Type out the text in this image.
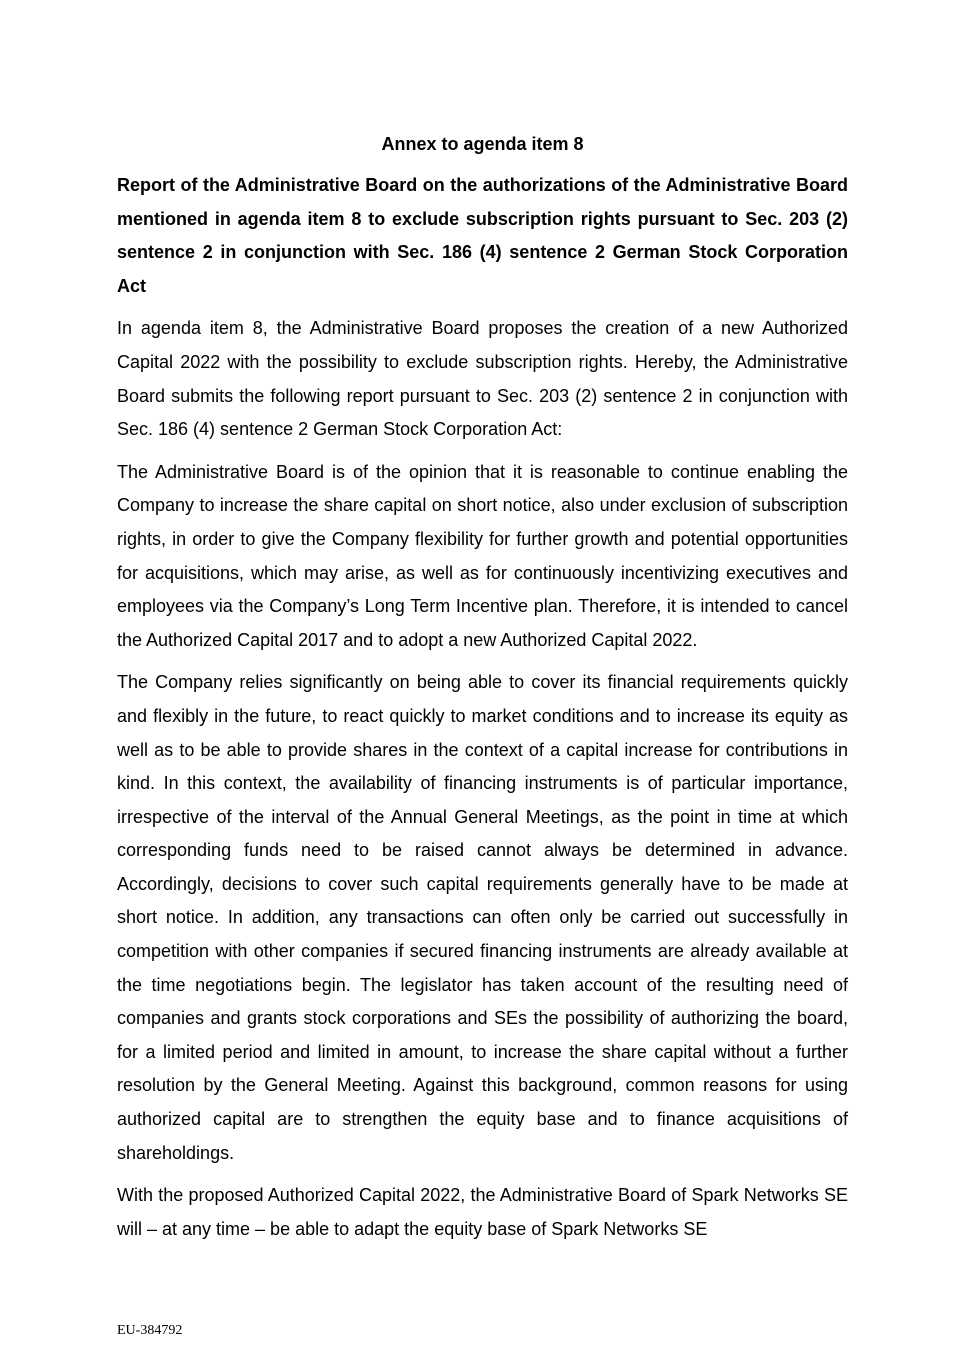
Annex to agenda item 8
Report of the Administrative Board on the authorizations of the Administrative Board mentioned in agenda item 8 to exclude subscription rights pursuant to Sec. 203 (2) sentence 2 in conjunction with Sec. 186 (4) sentence 2 German Stock Corporation Act

In agenda item 8, the Administrative Board proposes the creation of a new Authorized Capital 2022 with the possibility to exclude subscription rights. Hereby, the Administrative Board submits the following report pursuant to Sec. 203 (2) sentence 2 in conjunction with Sec. 186 (4) sentence 2 German Stock Corporation Act:

The Administrative Board is of the opinion that it is reasonable to continue enabling the Company to increase the share capital on short notice, also under exclusion of subscription rights, in order to give the Company flexibility for further growth and potential opportunities for acquisitions, which may arise, as well as for continuously incentivizing executives and employees via the Company’s Long Term Incentive plan. Therefore, it is intended to cancel the Authorized Capital 2017 and to adopt a new Authorized Capital 2022.

The Company relies significantly on being able to cover its financial requirements quickly and flexibly in the future, to react quickly to market conditions and to increase its equity as well as to be able to provide shares in the context of a capital increase for contributions in kind. In this context, the availability of financing instruments is of particular importance, irrespective of the interval of the Annual General Meetings, as the point in time at which corresponding funds need to be raised cannot always be determined in advance. Accordingly, decisions to cover such capital requirements generally have to be made at short notice. In addition, any transactions can often only be carried out successfully in competition with other companies if secured financing instruments are already available at the time negotiations begin. The legislator has taken account of the resulting need of companies and grants stock corporations and SEs the possibility of authorizing the board, for a limited period and limited in amount, to increase the share capital without a further resolution by the General Meeting. Against this background, common reasons for using authorized capital are to strengthen the equity base and to finance acquisitions of shareholdings.

With the proposed Authorized Capital 2022, the Administrative Board of Spark Networks SE will – at any time – be able to adapt the equity base of Spark Networks SE

EU-384792
